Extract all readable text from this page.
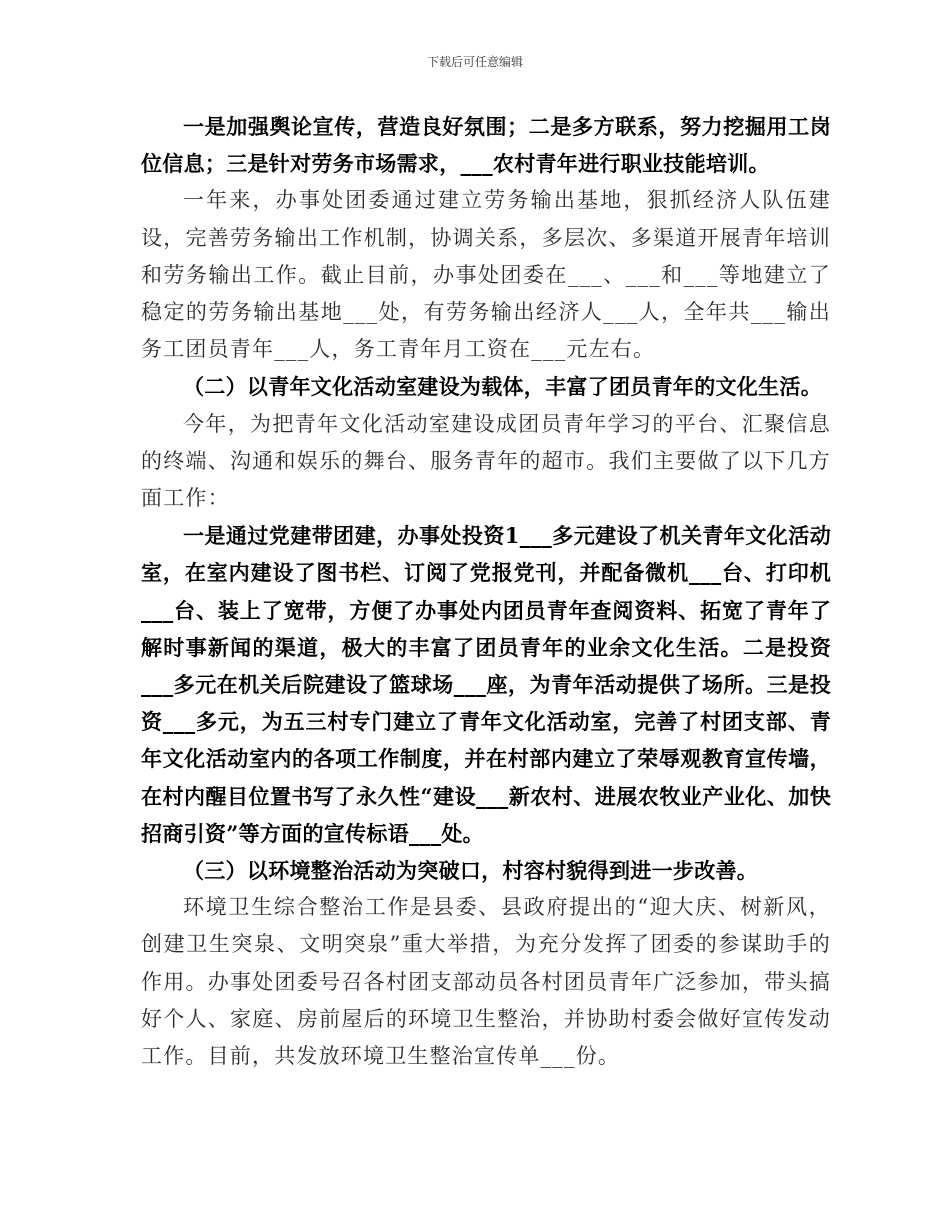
下载后可任意编辑

一是加强舆论宣传，营造良好氛围；二是多方联系，努力挖掘用工岗位信息；三是针对劳务市场需求，___农村青年进行职业技能培训。

一年来，办事处团委通过建立劳务输出基地，狠抓经济人队伍建设，完善劳务输出工作机制，协调关系，多层次、多渠道开展青年培训和劳务输出工作。截止目前，办事处团委在___、___和___等地建立了稳定的劳务输出基地___处，有劳务输出经济人___人，全年共___输出务工团员青年___人，务工青年月工资在___元左右。

（二）以青年文化活动室建设为载体，丰富了团员青年的文化生活。

今年，为把青年文化活动室建设成团员青年学习的平台、汇聚信息的终端、沟通和娱乐的舞台、服务青年的超市。我们主要做了以下几方面工作：

一是通过党建带团建，办事处投资1___多元建设了机关青年文化活动室，在室内建设了图书栏、订阅了党报党刊，并配备微机___台、打印机___台、装上了宽带，方便了办事处内团员青年查阅资料、拓宽了青年了解时事新闻的渠道，极大的丰富了团员青年的业余文化生活。二是投资___多元在机关后院建设了篮球场___座，为青年活动提供了场所。三是投资___多元，为五三村专门建立了青年文化活动室，完善了村团支部、青年文化活动室内的各项工作制度，并在村部内建立了荣辱观教育宣传墙，在村内醒目位置书写了永久性“建设___新农村、进展农牧业产业化、加快招商引资”等方面的宣传标语___处。

（三）以环境整治活动为突破口，村容村貌得到进一步改善。

环境卫生综合整治工作是县委、县政府提出的“迎大庆、树新风，创建卫生突泉、文明突泉”重大举措，为充分发挥了团委的参谋助手的作用。办事处团委号召各村团支部动员各村团员青年广泛参加，带头搞好个人、家庭、房前屋后的环境卫生整治，并协助村委会做好宣传发动工作。目前，共发放环境卫生整治宣传单___份。
